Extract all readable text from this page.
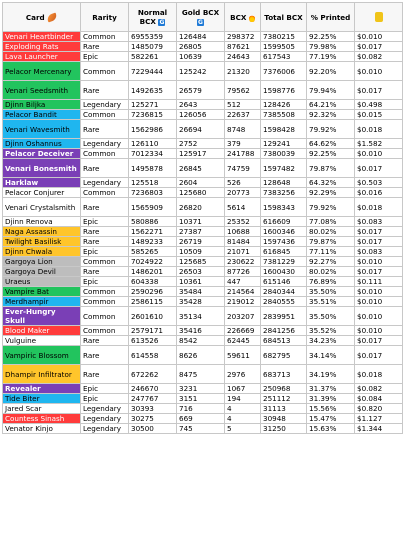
Card	Rarity	Normal BCX G	Gold BCX G	BCX	Total BCX	% Printed	
Venari Heartbinder	Common	6955359	126484	298372	7380215	92.25%	$0.010
Exploding Rats	Rare	1485079	26805	87621	1599505	79.98%	$0.017
Lava Launcher	Epic	582261	10639	24643	617543	77.19%	$0.082
Pelacor Mercenary	Common	7229444	125242	21320	7376006	92.20%	$0.010
Venari Seedsmith	Rare	1492635	26579	79562	1598776	79.94%	$0.017
Djinn Biljka	Legendary	125271	2643	512	128426	64.21%	$0.498
Pelacor Bandit	Common	7236815	126056	22637	7385508	92.32%	$0.015
Venari Wavesmith	Rare	1562986	26694	8748	1598428	79.92%	$0.018
Djinn Oshannus	Legendary	126110	2752	379	129241	64.62%	$1.582
Pelacor Deceiver	Common	7012334	125917	241788	7380039	92.25%	$0.010
Venari Bonesmith	Rare	1495878	26845	74759	1597482	79.87%	$0.017
Harklaw	Legendary	125518	2604	526	128648	64.32%	$0.503
Pelacor Conjurer	Common	7236803	125680	20773	7383256	92.29%	$0.016
Venari Crystalsmith	Rare	1565909	26820	5614	1598343	79.92%	$0.018
Djinn Renova	Epic	580886	10371	25352	616609	77.08%	$0.083
Naga Assassin	Rare	1562271	27387	10688	1600346	80.02%	$0.017
Twilight Basilisk	Rare	1489233	26719	81484	1597436	79.87%	$0.017
Djinn Chwala	Epic	585265	10509	21071	616845	77.11%	$0.083
Gargoya Lion	Common	7024922	125685	230622	7381229	92.27%	$0.010
Gargoya Devil	Rare	1486201	26503	87726	1600430	80.02%	$0.017
Uraeus	Epic	604338	10361	447	615146	76.89%	$0.111
Vampire Bat	Common	2590296	35484	214564	2840344	35.50%	$0.010
Merdhampir	Common	2586115	35428	219012	2840555	35.51%	$0.010
Ever-Hungry Skull	Common	2601610	35134	203207	2839951	35.50%	$0.010
Blood Maker	Common	2579171	35416	226669	2841256	35.52%	$0.010
Vulguine	Rare	613526	8542	62445	684513	34.23%	$0.017
Vampiric Blossom	Rare	614558	8626	59611	682795	34.14%	$0.017
Dhampir Infiltrator	Rare	672262	8475	2976	683713	34.19%	$0.018
Revealer	Epic	246670	3231	1067	250968	31.37%	$0.082
Tide Biter	Epic	247767	3151	194	251112	31.39%	$0.084
Jared Scar	Legendary	30393	716	4	31113	15.56%	$0.820
Countess Sinash	Legendary	30275	669	4	30948	15.47%	$1.127
Venator Kinjo	Legendary	30500	745	5	31250	15.63%	$1.344
